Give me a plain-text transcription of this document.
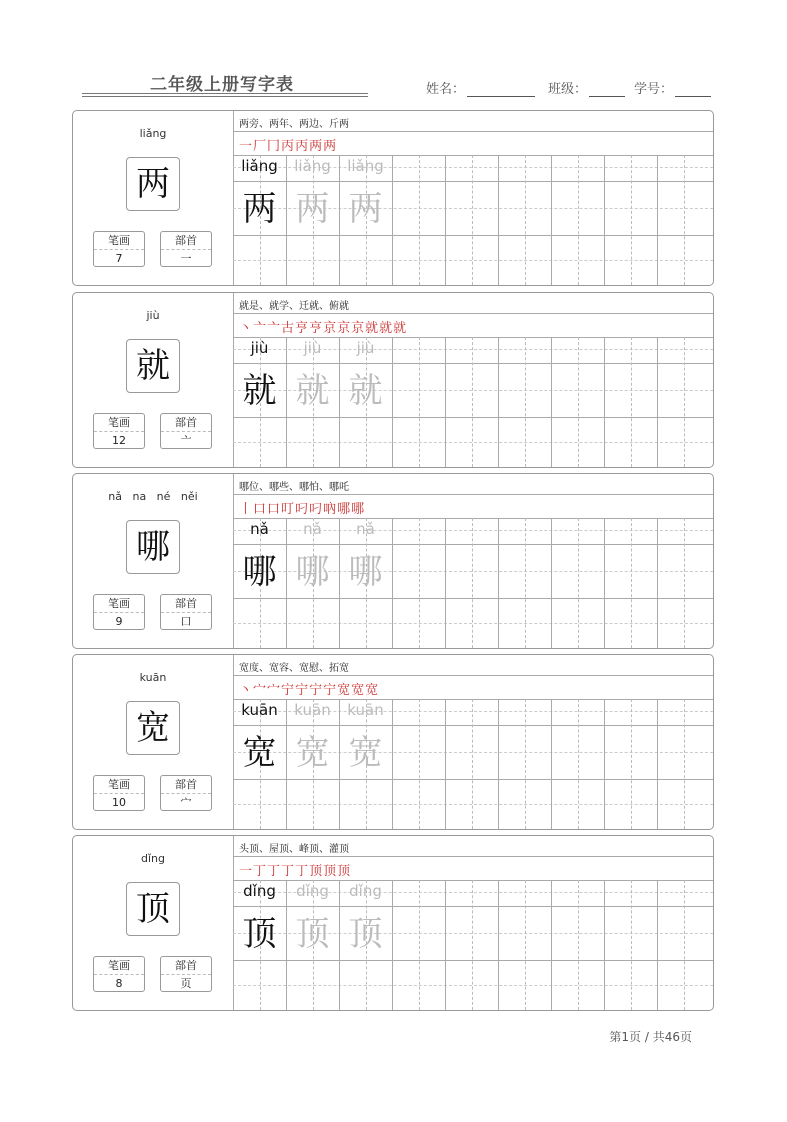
二年级上册写字表	姓名：	班级：	学号：
liǎng
两
笔画
7
部首
一
两旁、两年、两边、斤两
一厂冂丙丙两两
liǎng
两
liǎng
两
liǎng
两
jiù
就
笔画
12
部首
亠
就是、就学、迁就、俯就
丶亠亠古亨亨京京京就就就
jiù
就
jiù
就
jiù
就
nǎ   na   né   něi
哪
笔画
9
部首
口
哪位、哪些、哪怕、哪吒
丨口口叮叼叼吶哪哪
nǎ
哪
nǎ
哪
nǎ
哪
kuān
宽
笔画
10
部首
宀
宽度、宽容、宽慰、拓宽
丶宀宀宁宁宁宁宽宽宽
kuān
宽
kuān
宽
kuān
宽
dǐng
顶
笔画
8
部首
页
头顶、屋顶、峰顶、灌顶
一丁丁丁丁顶顶顶
dǐng
顶
dǐng
顶
dǐng
顶
第1页 / 共46页
